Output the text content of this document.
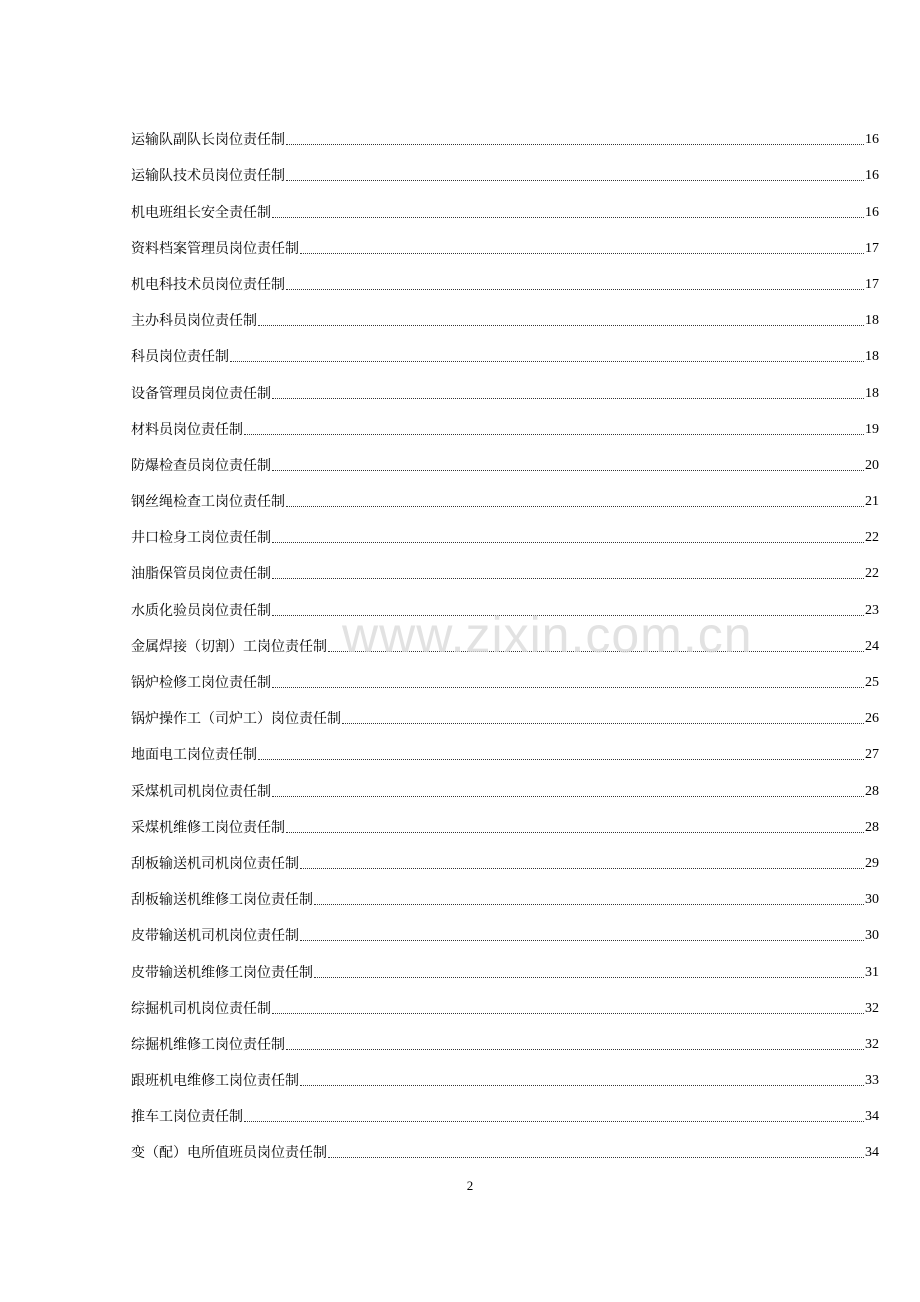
运输队副队长岗位责任制	16
运输队技术员岗位责任制	16
机电班组长安全责任制	16
资料档案管理员岗位责任制	17
机电科技术员岗位责任制	17
主办科员岗位责任制	18
科员岗位责任制	18
设备管理员岗位责任制	18
材料员岗位责任制	19
防爆检查员岗位责任制	20
钢丝绳检查工岗位责任制	21
井口检身工岗位责任制	22
油脂保管员岗位责任制	22
水质化验员岗位责任制	23
金属焊接（切割）工岗位责任制	24
锅炉检修工岗位责任制	25
锅炉操作工（司炉工）岗位责任制	26
地面电工岗位责任制	27
采煤机司机岗位责任制	28
采煤机维修工岗位责任制	28
刮板输送机司机岗位责任制	29
刮板输送机维修工岗位责任制	30
皮带输送机司机岗位责任制	30
皮带输送机维修工岗位责任制	31
综掘机司机岗位责任制	32
综掘机维修工岗位责任制	32
跟班机电维修工岗位责任制	33
推车工岗位责任制	34
变（配）电所值班员岗位责任制	34
www.zixin.com.cn
2
